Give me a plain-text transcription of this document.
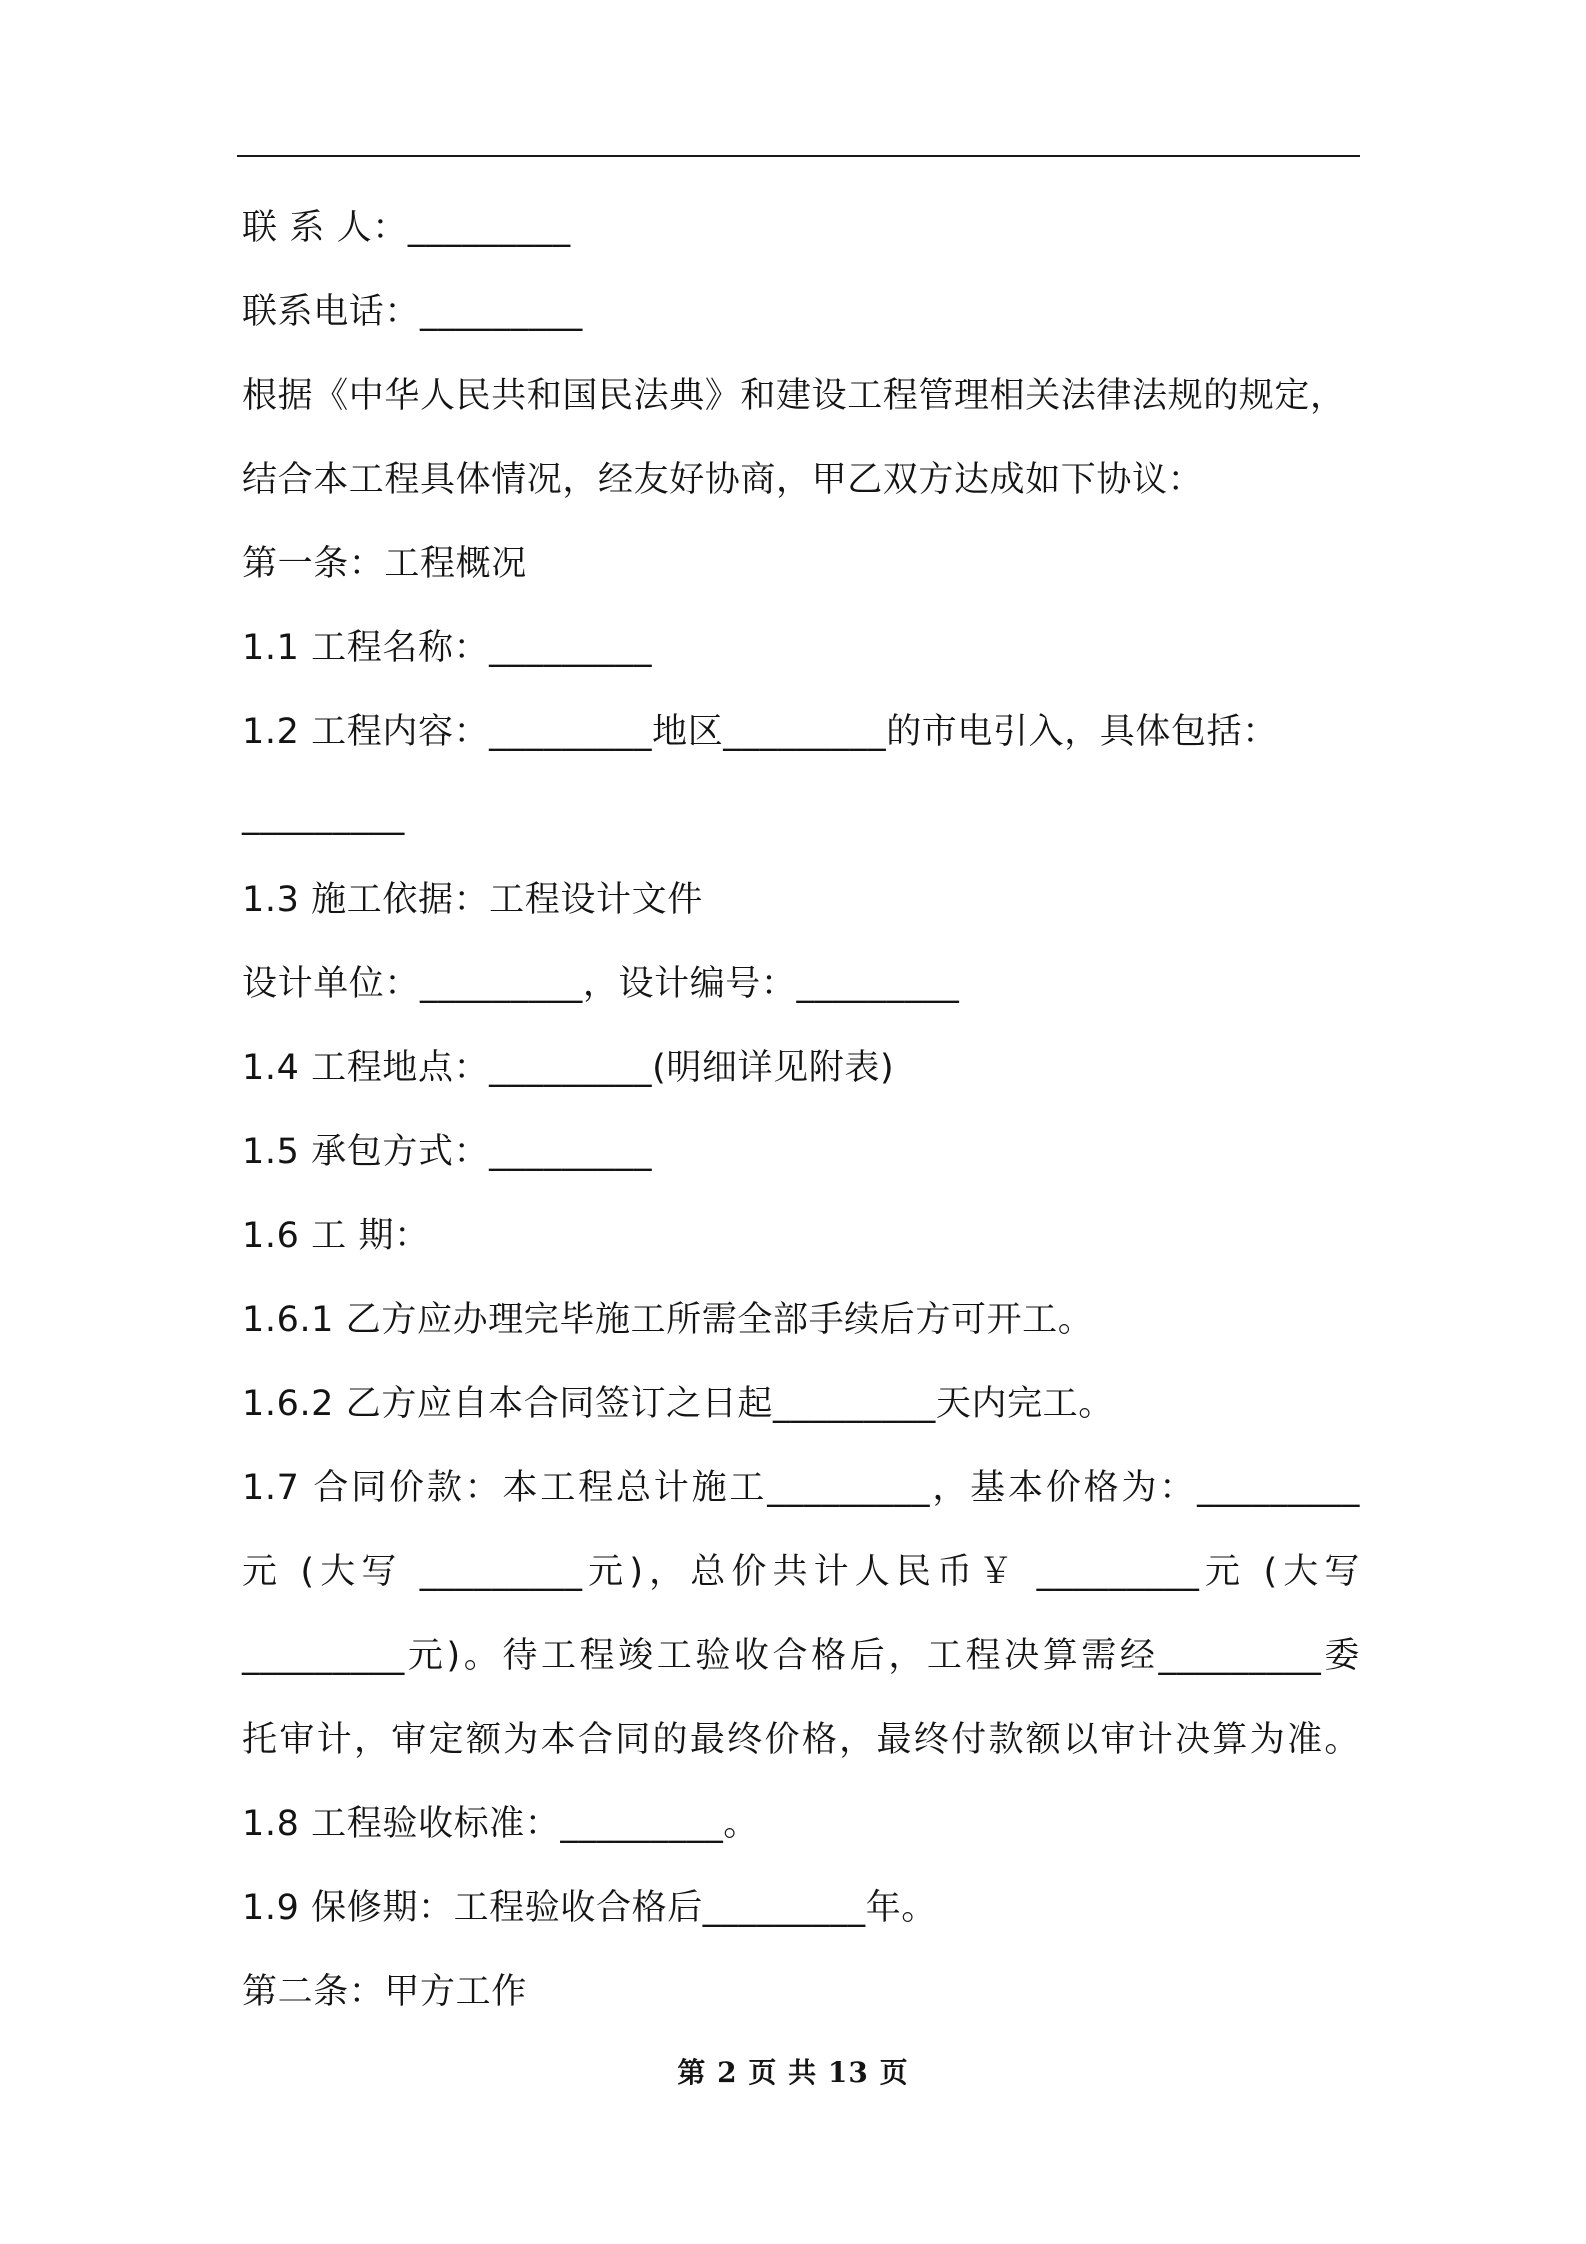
联 系 人：_________
联系电话：_________
根据《中华人民共和国民法典》和建设工程管理相关法律法规的规定，
结合本工程具体情况，经友好协商，甲乙双方达成如下协议：
第一条：工程概况
1.1 工程名称：_________
1.2 工程内容：_________地区_________的市电引入，具体包括：
_________
1.3 施工依据：工程设计文件
设计单位：_________，设计编号：_________
1.4 工程地点：_________(明细详见附表)
1.5 承包方式：_________
1.6 工 期：
1.6.1 乙方应办理完毕施工所需全部手续后方可开工。
1.6.2 乙方应自本合同签订之日起_________天内完工。
1.7 合同价款：本工程总计施工_________，基本价格为：_________
元 (大写 _________元)，总价共计人民币￥ _________元 (大写
_________元)。待工程竣工验收合格后，工程决算需经_________委
托审计，审定额为本合同的最终价格，最终付款额以审计决算为准。
1.8 工程验收标准：_________。
1.9 保修期：工程验收合格后_________年。
第二条：甲方工作
第 2 页 共 13 页
